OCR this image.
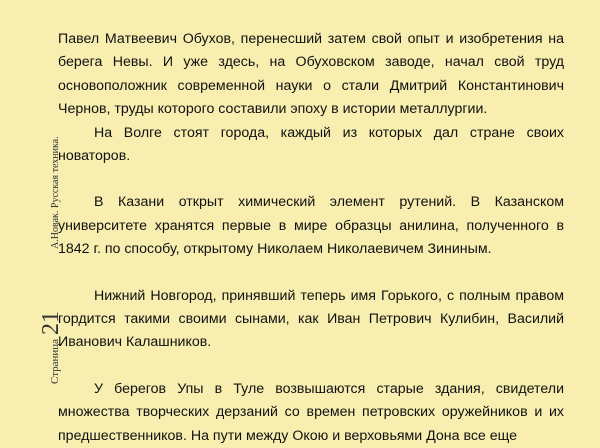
Страница21А.Новак. Русская техника.

Павел Матвеевич Обухов, перенесший затем свой опыт и изобретения на берега Невы. И уже здесь, на Обуховском заводе, начал свой труд основоположник современной науки о стали Дмитрий Константинович Чернов, труды которого составили эпоху в истории металлургии.

На Волге стоят города, каждый из которых дал стране своих новаторов.

В Казани открыт химический элемент рутений. В Казанском университете хранятся первые в мире образцы анилина, полученного в 1842 г. по способу, открытому Николаем Николаевичем Зининым.

Нижний Новгород, принявший теперь имя Горького, с полным правом гордится такими своими сынами, как Иван Петрович Кулибин, Василий Иванович Калашников.

У берегов Упы в Туле возвышаются старые здания, свидетели множества творческих дерзаний со времен петровских оружейников и их предшественников. На пути между Окою и верховьями Дона все еще
